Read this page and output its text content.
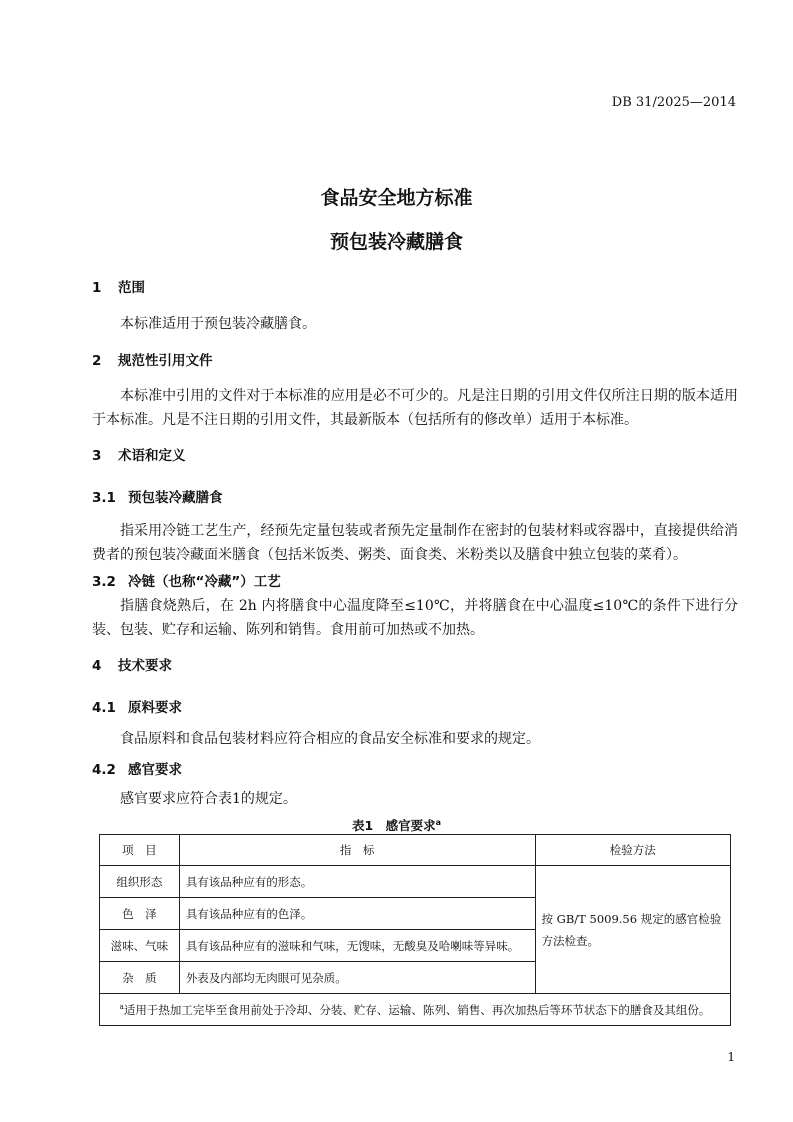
DB 31/2025—2014
食品安全地方标准
预包装冷藏膳食
1 范围
本标准适用于预包装冷藏膳食。
2 规范性引用文件
本标准中引用的文件对于本标准的应用是必不可少的。凡是注日期的引用文件仅所注日期的版本适用于本标准。凡是不注日期的引用文件，其最新版本（包括所有的修改单）适用于本标准。
3 术语和定义
3.1 预包装冷藏膳食
指采用冷链工艺生产，经预先定量包装或者预先定量制作在密封的包装材料或容器中，直接提供给消费者的预包装冷藏面米膳食（包括米饭类、粥类、面食类、米粉类以及膳食中独立包装的菜肴）。
3.2 冷链（也称“冷藏”）工艺
指膳食烧熟后，在 2h 内将膳食中心温度降至≤10℃，并将膳食在中心温度≤10℃的条件下进行分装、包装、贮存和运输、陈列和销售。食用前可加热或不加热。
4 技术要求
4.1 原料要求
食品原料和食品包装材料应符合相应的食品安全标准和要求的规定。
4.2 感官要求
感官要求应符合表1的规定。
表1　感官要求$^a$
项　目	指　标	检验方法
组织形态	具有该品种应有的形态。	按 GB/T 5009.56 规定的感官检验方法检查。
色　泽	具有该品种应有的色泽。	
滋味、气味	具有该品种应有的滋味和气味，无馊味，无酸臭及哈喇味等异味。	
杂　质	外表及内部均无肉眼可见杂质。	
$^a$适用于热加工完毕至食用前处于冷却、分装、贮存、运输、陈列、销售、再次加热后等环节状态下的膳食及其组份。		
1
